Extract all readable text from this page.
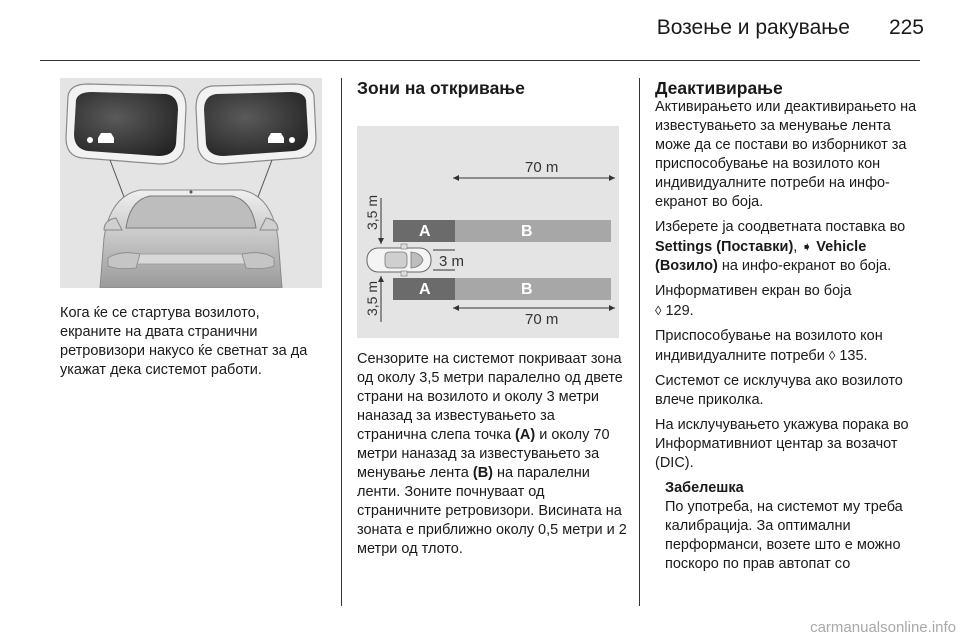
Возење и ракување	225

Кога ќе се стартува возилото, екраните на двата странични ретровизори накусо ќе светнат за да укажат дека системот работи.

Зони на откривање
70 m
A	B
A	B
70 m
3 m
3,5 m
3,5 m

Сензорите на системот покриваат зона од околу 3,5 метри паралелно од двете страни на возилото и околу 3 метри наназад за известувањето за странична слепа точка (A) и околу 70 метри наназад за известувањето за менување лента (B) на паралелни ленти. Зоните почнуваат од страничните ретровизори. Висината на зоната е приближно околу 0,5 метри и 2 метри од тлото.

Деактивирање

Активирањето или деактивирањето на известувањето за менување лента може да се постави во изборникот за приспособување на возилото кон индивидуалните потреби на инфо-екранот во боја.

Изберете ја соодветната поставка во Settings (Поставки), ➧ Vehicle (Возило) на инфо-екранот во боја.

Информативен екран во боја
◊ 129.

Приспособување на возилото кон индивидуалните потреби ◊ 135.

Системот се исклучува ако возилото влече приколка.

На исклучувањето укажува порака во Информативниот центар за возачот (DIC).

Забелешка

По употреба, на системот му треба калибрација. За оптимални перформанси, возете што е можно поскоро по прав автопат со

carmanualsonline.info
